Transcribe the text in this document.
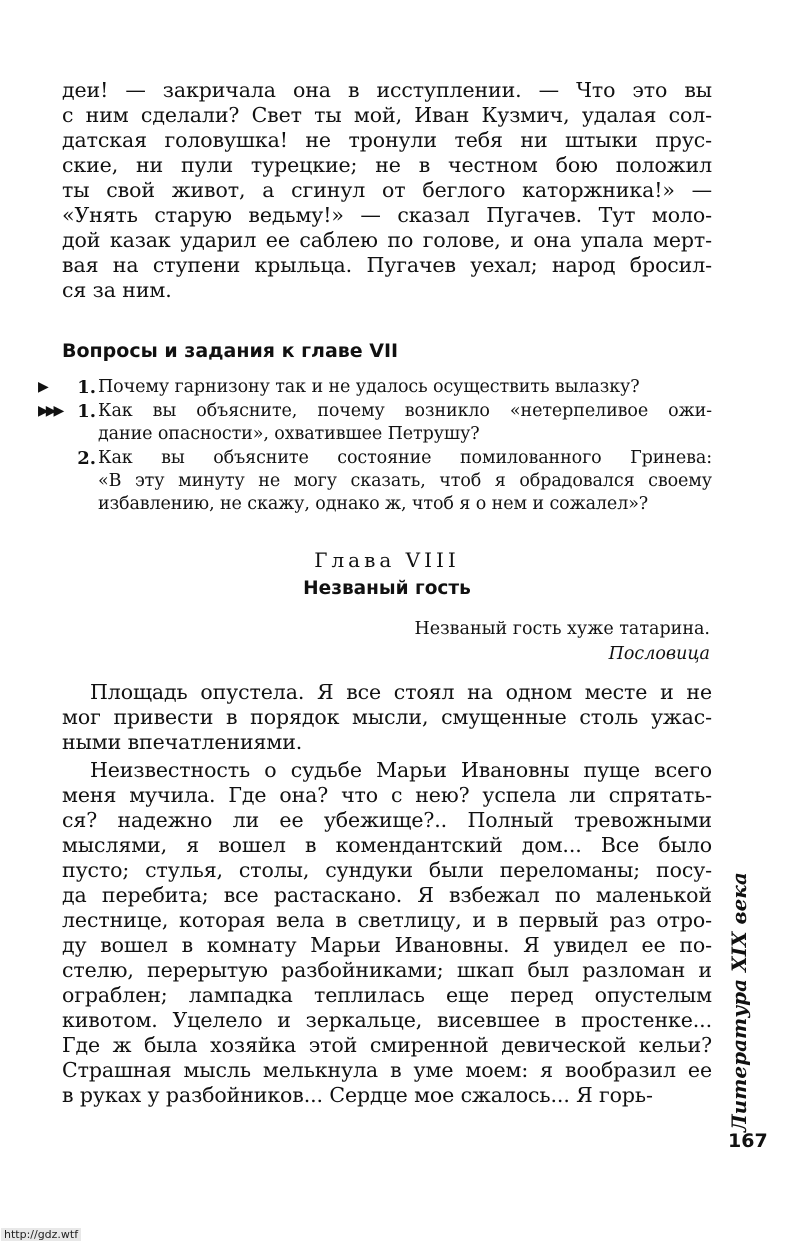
деи! — закричала она в исступлении. — Что это вы
с ним сделали? Свет ты мой, Иван Кузмич, удалая сол-
датская головушка! не тронули тебя ни штыки прус-
ские, ни пули турецкие; не в честном бою положил
ты свой живот, а сгинул от беглого каторжника!» —
«Унять старую ведьму!» — сказал Пугачев. Тут моло-
дой казак ударил ее саблею по голове, и она упала мерт-
вая на ступени крыльца. Пугачев уехал; народ бросил-
ся за ним.
Вопросы и задания к главе VII
▶	1. Почему гарнизону так и не удалось осуществить вылазку?
▶▶▶ 1. Как вы объясните, почему возникло «нетерпеливое ожи-
дание опасности», охватившее Петрушу?
2. Как вы объясните состояние помилованного Гринева:
«В эту минуту не могу сказать, чтоб я обрадовался своему
избавлению, не скажу, однако ж, чтоб я о нем и сожалел»?
Глава VIII
Незваный гость
Незваный гость хуже татарина.
Пословица
Площадь опустела. Я все стоял на одном месте и не
мог привести в порядок мысли, смущенные столь ужас-
ными впечатлениями.
Неизвестность о судьбе Марьи Ивановны пуще всего
меня мучила. Где она? что с нею? успела ли спрятать-
ся? надежно ли ее убежище?.. Полный тревожными
мыслями, я вошел в комендантский дом... Все было
пусто; стулья, столы, сундуки были переломаны; посу-
да перебита; все растаскано. Я взбежал по маленькой
лестнице, которая вела в светлицу, и в первый раз отро-
ду вошел в комнату Марьи Ивановны. Я увидел ее по-
стелю, перерытую разбойниками; шкап был разломан и
ограблен; лампадка теплилась еще перед опустелым
кивотом. Уцелело и зеркальце, висевшее в простенке...
Где ж была хозяйка этой смиренной девической кельи?
Страшная мысль мелькнула в уме моем: я вообразил ее
в руках у разбойников... Сердце мое сжалось... Я горь-	Литература XIX века
167
http://gdz.wtf
